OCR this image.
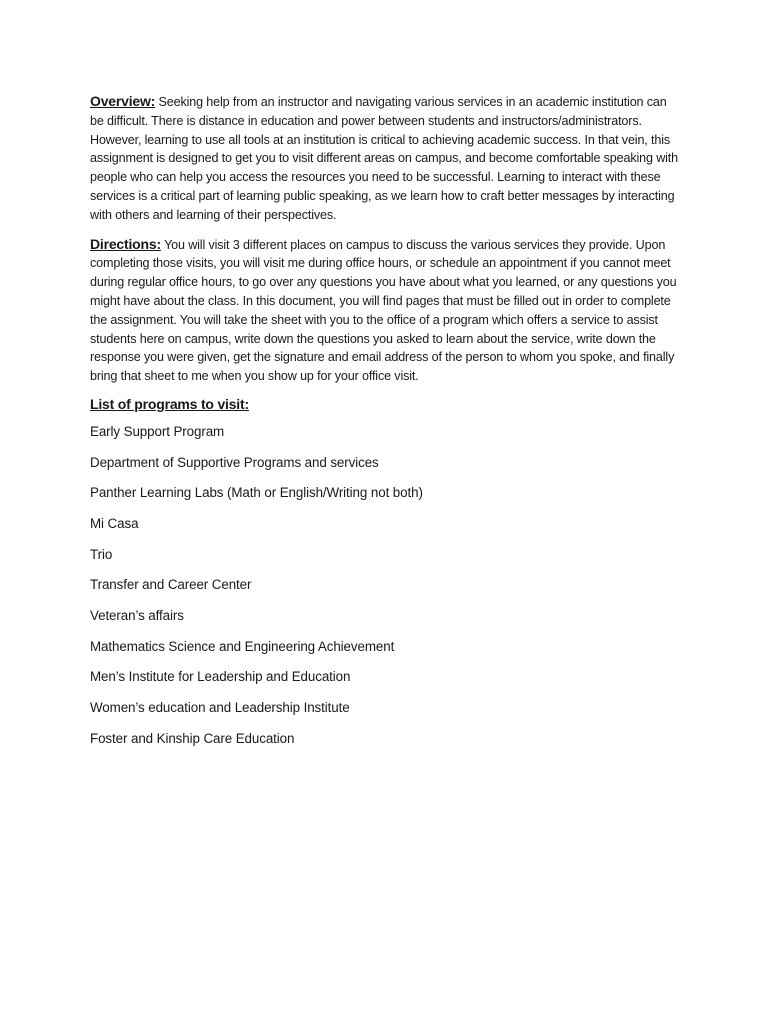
Overview: Seeking help from an instructor and navigating various services in an academic institution can be difficult. There is distance in education and power between students and instructors/administrators. However, learning to use all tools at an institution is critical to achieving academic success. In that vein, this assignment is designed to get you to visit different areas on campus, and become comfortable speaking with people who can help you access the resources you need to be successful. Learning to interact with these services is a critical part of learning public speaking, as we learn how to craft better messages by interacting with others and learning of their perspectives.

Directions: You will visit 3 different places on campus to discuss the various services they provide. Upon completing those visits, you will visit me during office hours, or schedule an appointment if you cannot meet during regular office hours, to go over any questions you have about what you learned, or any questions you might have about the class. In this document, you will find pages that must be filled out in order to complete the assignment. You will take the sheet with you to the office of a program which offers a service to assist students here on campus, write down the questions you asked to learn about the service, write down the response you were given, get the signature and email address of the person to whom you spoke, and finally bring that sheet to me when you show up for your office visit.

List of programs to visit:
Early Support Program
Department of Supportive Programs and services
Panther Learning Labs (Math or English/Writing not both)
Mi Casa
Trio
Transfer and Career Center
Veteran’s affairs
Mathematics Science and Engineering Achievement
Men’s Institute for Leadership and Education
Women’s education and Leadership Institute
Foster and Kinship Care Education
